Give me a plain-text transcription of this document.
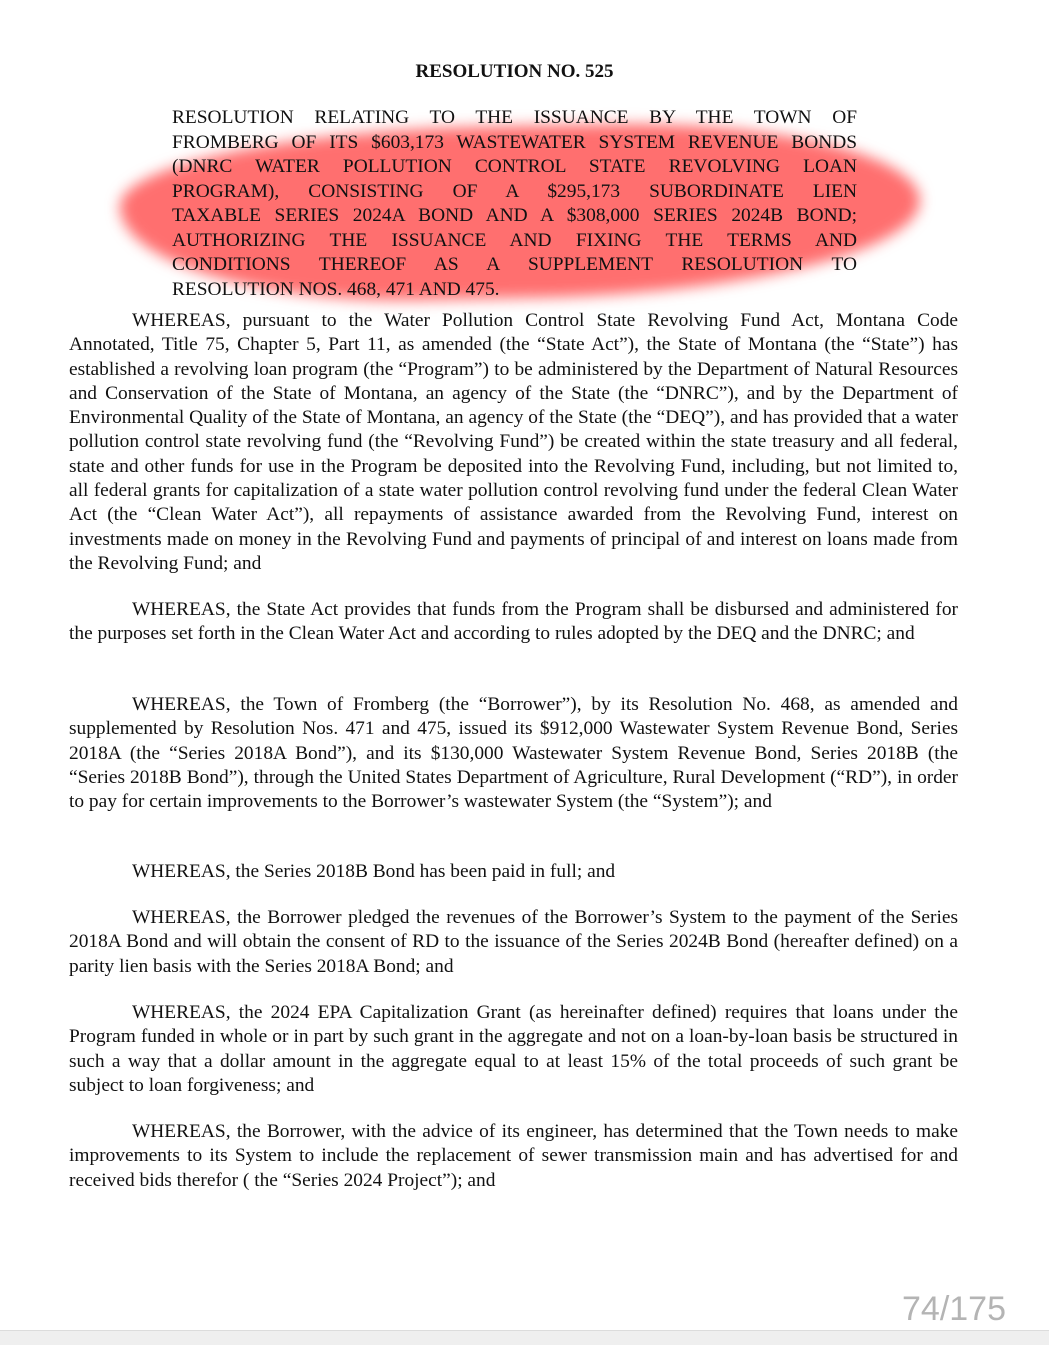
RESOLUTION NO. 525
RESOLUTION RELATING TO THE ISSUANCE BY THE TOWN OF
FROMBERG OF ITS $603,173 WASTEWATER SYSTEM REVENUE BONDS
(DNRC WATER POLLUTION CONTROL STATE REVOLVING LOAN
PROGRAM), CONSISTING OF A $295,173 SUBORDINATE LIEN
TAXABLE SERIES 2024A BOND AND A $308,000 SERIES 2024B BOND;
AUTHORIZING THE ISSUANCE AND FIXING THE TERMS AND
CONDITIONS THEREOF AS A SUPPLEMENT RESOLUTION TO
RESOLUTION NOS. 468, 471 AND 475.

WHEREAS, pursuant to the Water Pollution Control State Revolving Fund Act, Montana Code Annotated, Title 75, Chapter 5, Part 11, as amended (the “State Act”), the State of Montana (the “State”) has established a revolving loan program (the “Program”) to be administered by the Department of Natural Resources and Conservation of the State of Montana, an agency of the State (the “DNRC”), and by the Department of Environmental Quality of the State of Montana, an agency of the State (the “DEQ”), and has provided that a water pollution control state revolving fund (the “Revolving Fund”) be created within the state treasury and all federal, state and other funds for use in the Program be deposited into the Revolving Fund, including, but not limited to, all federal grants for capitalization of a state water pollution control revolving fund under the federal Clean Water Act (the “Clean Water Act”), all repayments of assistance awarded from the Revolving Fund, interest on investments made on money in the Revolving Fund and payments of principal of and interest on loans made from the Revolving Fund; and

WHEREAS, the State Act provides that funds from the Program shall be disbursed and administered for the purposes set forth in the Clean Water Act and according to rules adopted by the DEQ and the DNRC; and

WHEREAS, the Town of Fromberg (the “Borrower”), by its Resolution No. 468, as amended and supplemented by Resolution Nos. 471 and 475, issued its $912,000 Wastewater System Revenue Bond, Series 2018A (the “Series 2018A Bond”), and its $130,000 Wastewater System Revenue Bond, Series 2018B (the “Series 2018B Bond”), through the United States Department of Agriculture, Rural Development (“RD”), in order to pay for certain improvements to the Borrower’s wastewater System (the “System”); and

WHEREAS, the Series 2018B Bond has been paid in full; and

WHEREAS, the Borrower pledged the revenues of the Borrower’s System to the payment of the Series 2018A Bond and will obtain the consent of RD to the issuance of the Series 2024B Bond (hereafter defined) on a parity lien basis with the Series 2018A Bond; and

WHEREAS, the 2024 EPA Capitalization Grant (as hereinafter defined) requires that loans under the Program funded in whole or in part by such grant in the aggregate and not on a loan-by-loan basis be structured in such a way that a dollar amount in the aggregate equal to at least 15% of the total proceeds of such grant be subject to loan forgiveness; and

WHEREAS, the Borrower, with the advice of its engineer, has determined that the Town needs to make improvements to its System to include the replacement of sewer transmission main and has advertised for and received bids therefor ( the “Series 2024 Project”); and

74/175
